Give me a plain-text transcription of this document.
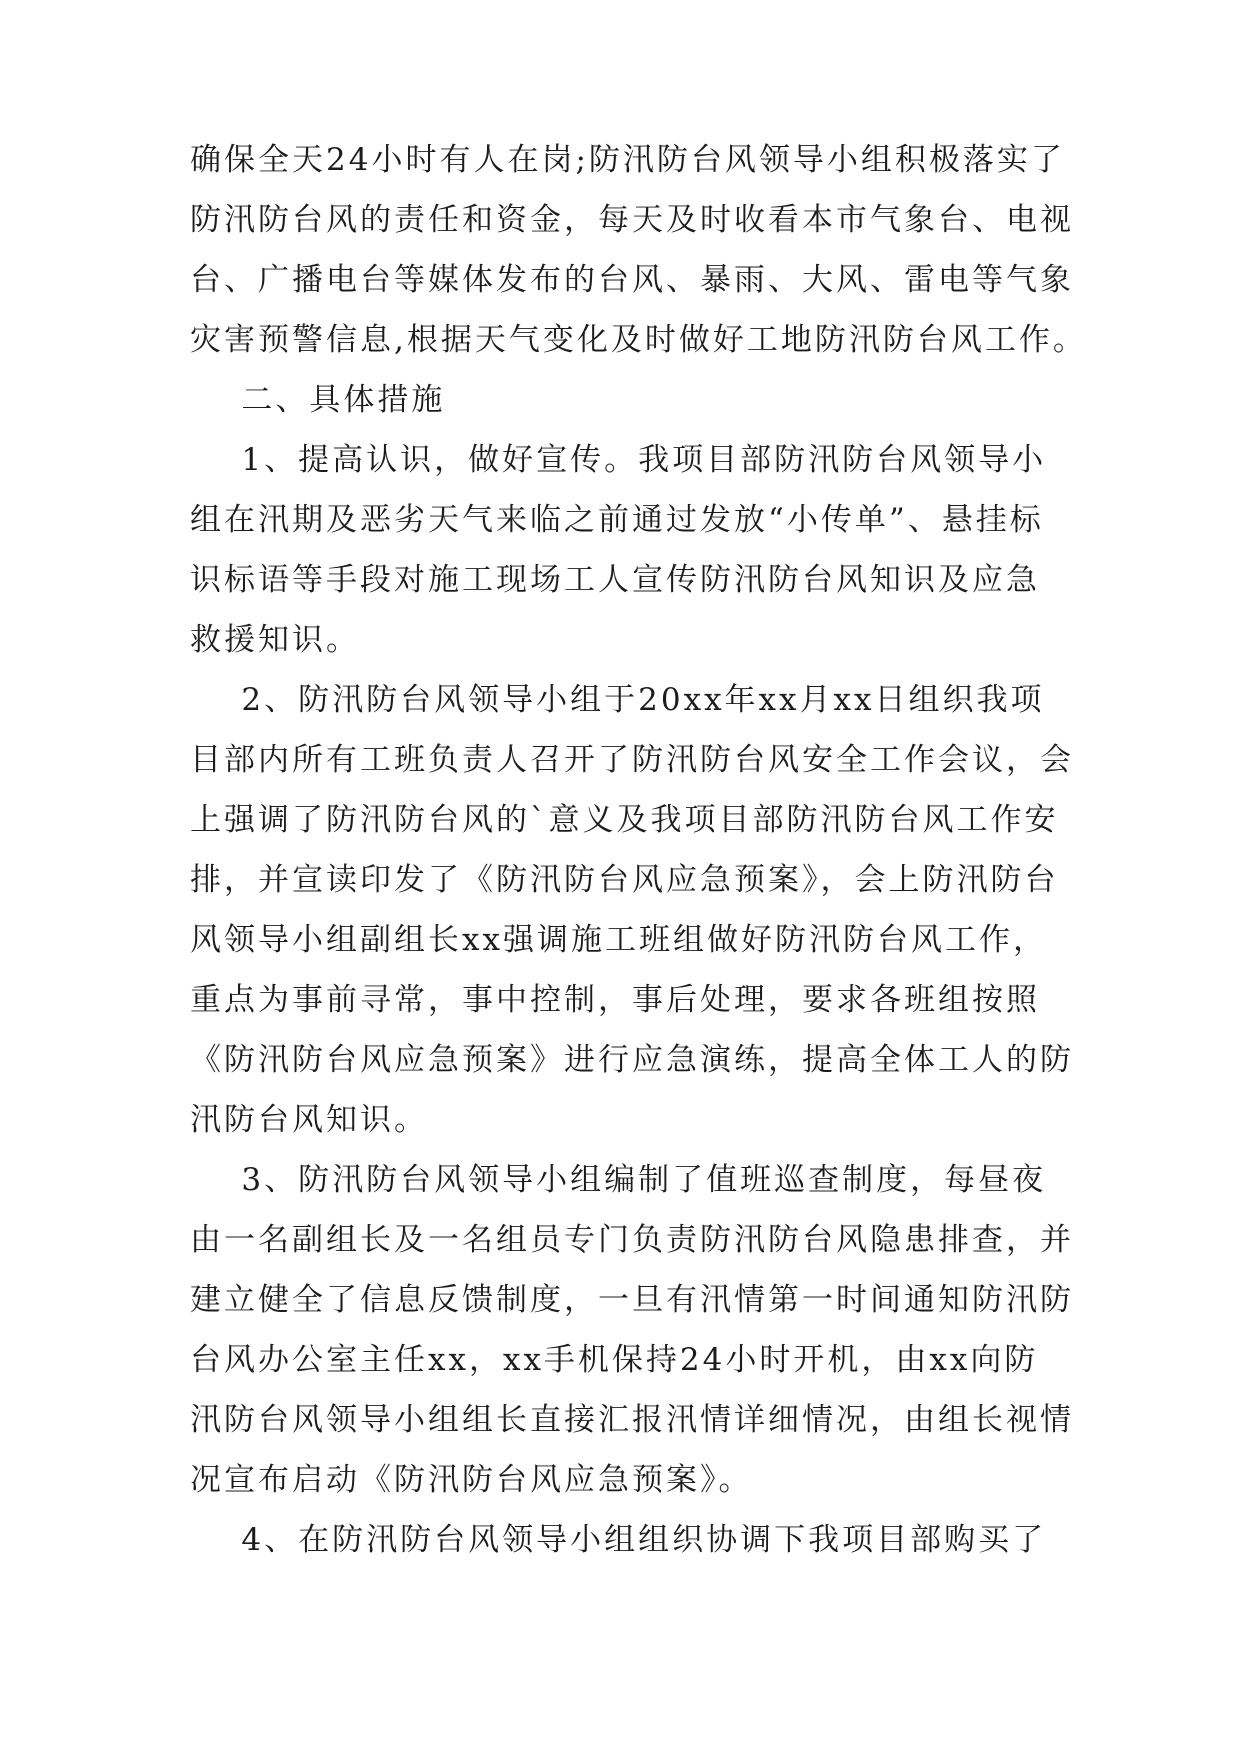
确保全天24小时有人在岗;防汛防台风领导小组积极落实了
防汛防台风的责任和资金，每天及时收看本市气象台、电视
台、广播电台等媒体发布的台风、暴雨、大风、雷电等气象
灾害预警信息,根据天气变化及时做好工地防汛防台风工作。
二、具体措施
1、提高认识，做好宣传。我项目部防汛防台风领导小
组在汛期及恶劣天气来临之前通过发放“小传单”、悬挂标
识标语等手段对施工现场工人宣传防汛防台风知识及应急
救援知识。
2、防汛防台风领导小组于20xx年xx月xx日组织我项
目部内所有工班负责人召开了防汛防台风安全工作会议，会
上强调了防汛防台风的`意义及我项目部防汛防台风工作安
排，并宣读印发了《防汛防台风应急预案》，会上防汛防台
风领导小组副组长xx强调施工班组做好防汛防台风工作，
重点为事前寻常，事中控制，事后处理，要求各班组按照
《防汛防台风应急预案》进行应急演练，提高全体工人的防
汛防台风知识。
3、防汛防台风领导小组编制了值班巡查制度，每昼夜
由一名副组长及一名组员专门负责防汛防台风隐患排查，并
建立健全了信息反馈制度，一旦有汛情第一时间通知防汛防
台风办公室主任xx，xx手机保持24小时开机，由xx向防
汛防台风领导小组组长直接汇报汛情详细情况，由组长视情
况宣布启动《防汛防台风应急预案》。
4、在防汛防台风领导小组组织协调下我项目部购买了
